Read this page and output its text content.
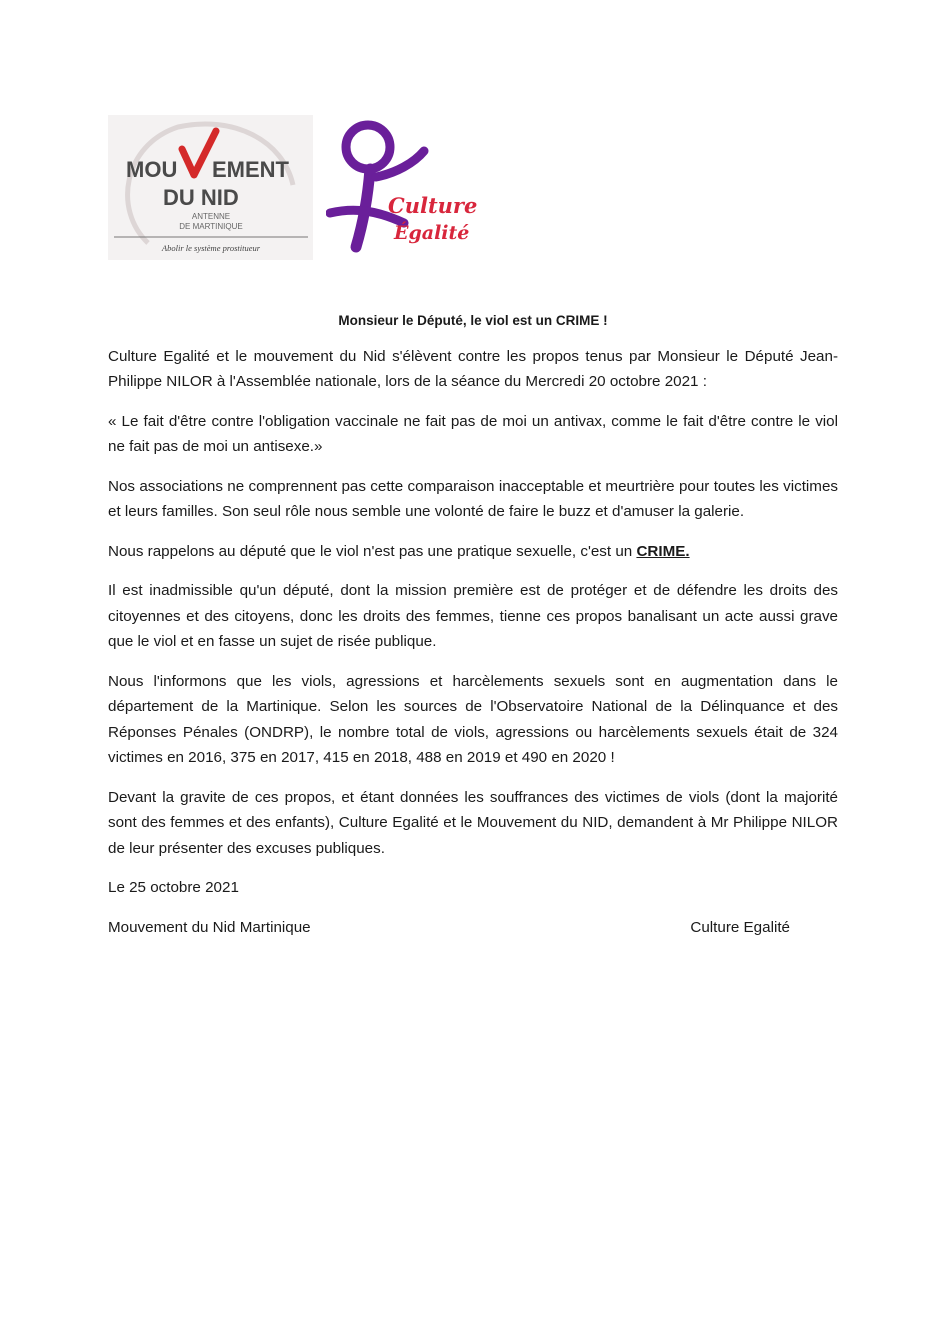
MOU EMENT
DU NID
ANTENNE
DE MARTINIQUE
Abolir le système prostitueur
Culture
Égalité

Monsieur le Député, le viol est un CRIME !

Culture Egalité et le mouvement du Nid s'élèvent contre les propos tenus par Monsieur le Député Jean-Philippe NILOR à l'Assemblée nationale, lors de la séance du Mercredi 20 octobre 2021 :

« Le fait d'être contre l'obligation vaccinale ne fait pas de moi un antivax, comme le fait d'être contre le viol ne fait pas de moi un antisexe.»

Nos associations ne comprennent pas cette comparaison inacceptable et meurtrière pour toutes les victimes et leurs familles. Son seul rôle nous semble une volonté de faire le buzz et d'amuser la galerie.

Nous rappelons au député que le viol n'est pas une pratique sexuelle, c'est un CRIME.

Il est inadmissible qu'un député, dont la mission première est de protéger et de défendre les droits des citoyennes et des citoyens, donc les droits des femmes, tienne ces propos banalisant un acte aussi grave que le viol et en fasse un sujet de risée publique.

Nous l'informons que les viols, agressions et harcèlements sexuels sont en augmentation dans le département de la Martinique. Selon les sources de l'Observatoire National de la Délinquance et des Réponses Pénales (ONDRP), le nombre total de viols, agressions ou harcèlements sexuels était de 324 victimes en 2016, 375 en 2017, 415 en 2018, 488 en 2019 et 490 en 2020 !

Devant la gravite de ces propos, et étant données les souffrances des victimes de viols (dont la majorité sont des femmes et des enfants), Culture Egalité et le Mouvement du NID, demandent à Mr Philippe NILOR de leur présenter des excuses publiques.

Le 25 octobre 2021

Mouvement du Nid Martinique	Culture Egalité
